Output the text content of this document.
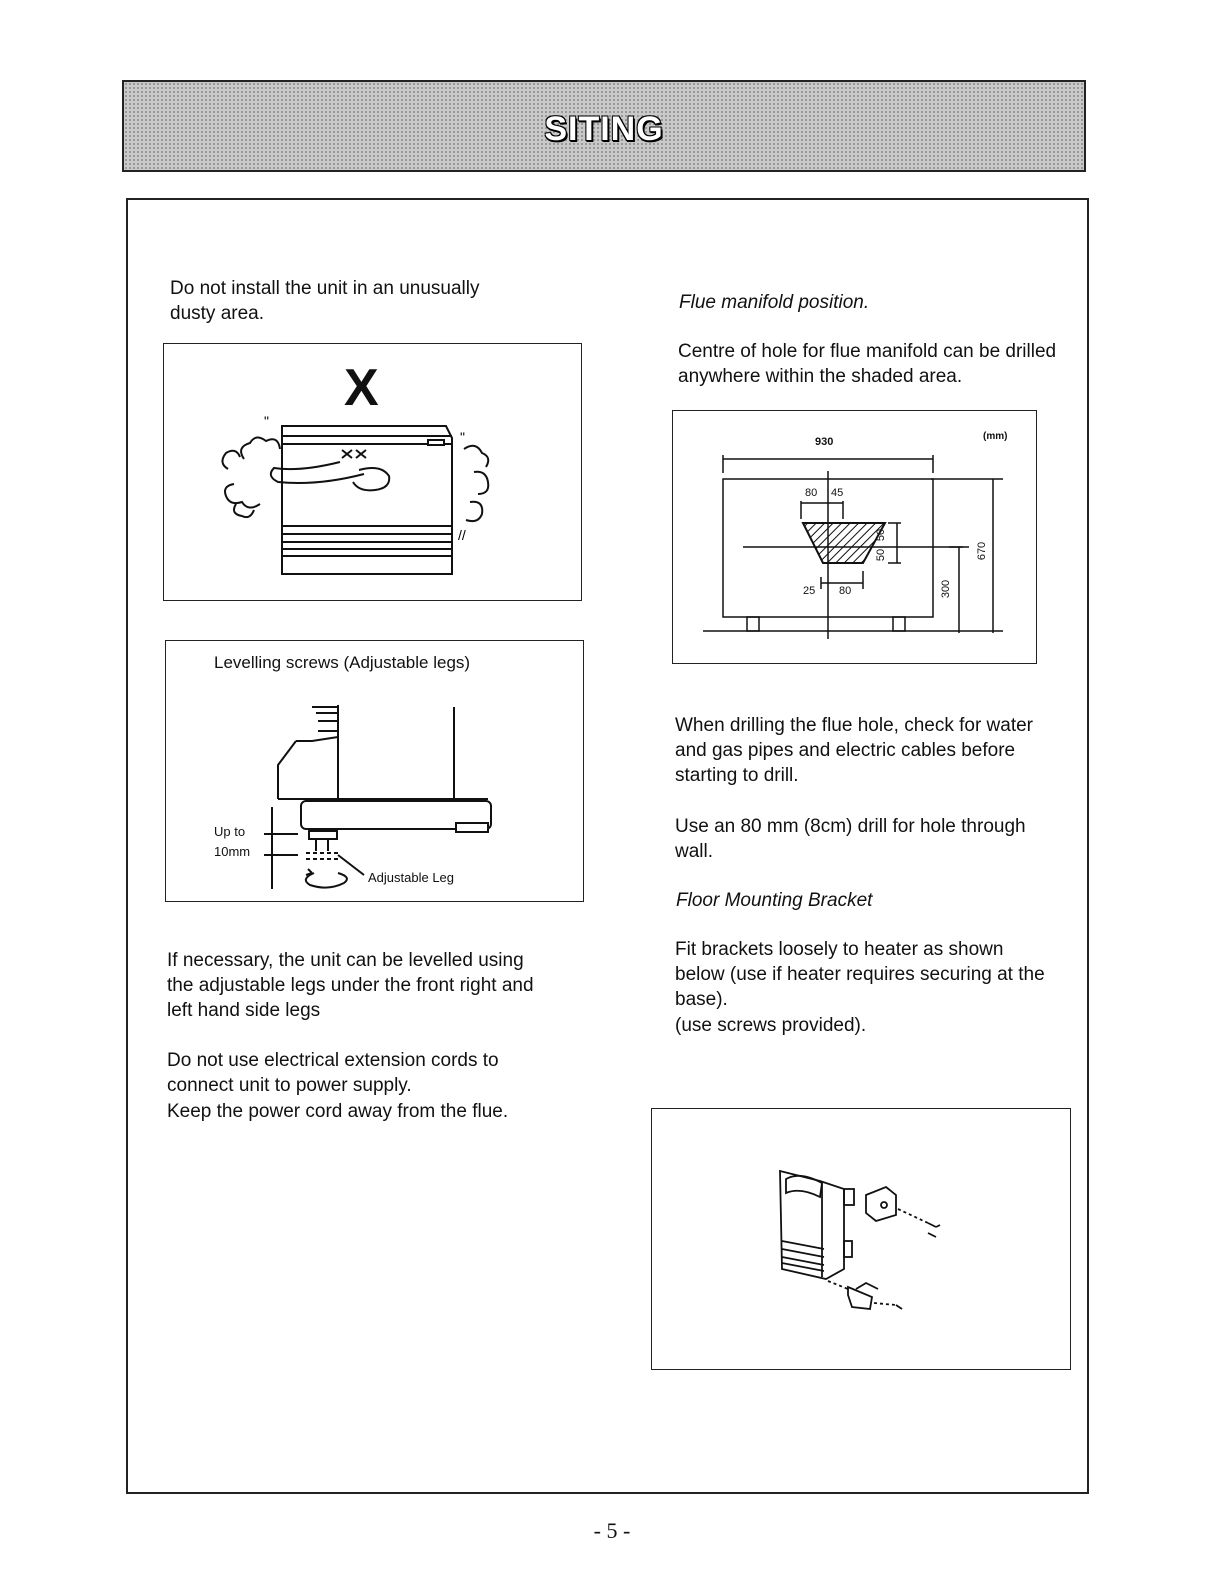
SITING
Do not install the unit in an unusually dusty area.
X
"
"
//
Levelling screws (Adjustable legs)
Up to
10mm
Adjustable Leg
If necessary, the unit can be levelled using the adjustable legs under the front right and left hand side legs
Do not use electrical extension cords to connect unit to power supply.
Keep the power cord away from the flue.
Flue manifold position.
Centre of hole for flue manifold can be drilled anywhere within the shaded area.
930	(mm)
80 45
25 80
50
50
300
670
When drilling the flue hole, check for water and gas pipes and electric cables before starting to drill.
Use an 80 mm (8cm) drill for hole through wall.
Floor Mounting Bracket
Fit brackets loosely to heater as shown below (use if heater requires securing at the base).
(use screws provided).
- 5 -
